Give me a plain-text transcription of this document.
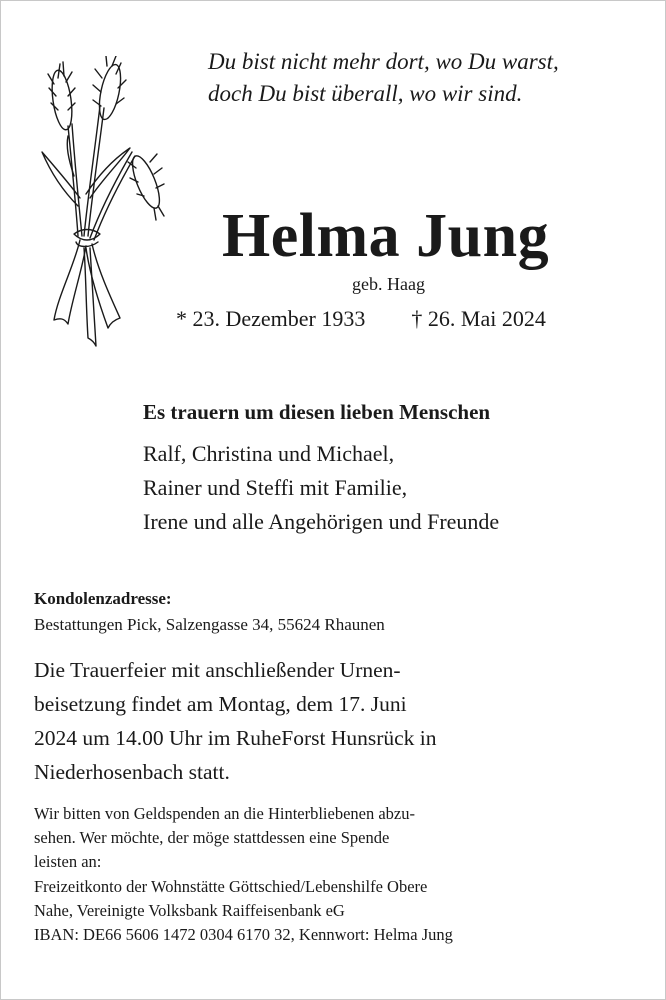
Du bist nicht mehr dort, wo Du warst,
doch Du bist überall, wo wir sind.
Helma Jung
geb. Haag
* 23. Dezember 1933 † 26. Mai 2024
Es trauern um diesen lieben Menschen
Ralf, Christina und Michael,
Rainer und Steffi mit Familie,
Irene und alle Angehörigen und Freunde
Kondolenzadresse:
Bestattungen Pick, Salzengasse 34, 55624 Rhaunen
Die Trauerfeier mit anschließender Urnen-
beisetzung findet am Montag, dem 17. Juni
2024 um 14.00 Uhr im RuheForst Hunsrück in
Niederhosenbach statt.
Wir bitten von Geldspenden an die Hinterbliebenen abzu-
sehen. Wer möchte, der möge stattdessen eine Spende
leisten an:
Freizeitkonto der Wohnstätte Göttschied/Lebenshilfe Obere
Nahe, Vereinigte Volksbank Raiffeisenbank eG
IBAN: DE66 5606 1472 0304 6170 32, Kennwort: Helma Jung
